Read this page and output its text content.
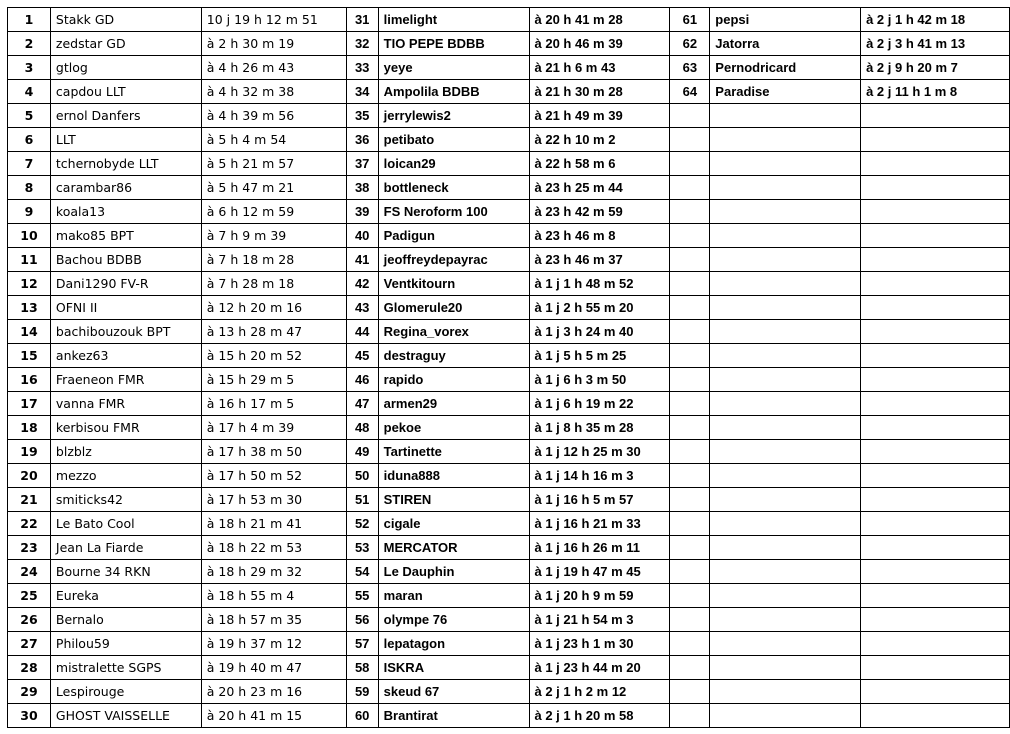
1	Stakk GD	10 j 19 h 12 m 51	31	limelight	à 20 h 41 m 28	61	pepsi	à 2 j 1 h 42 m 18
2	zedstar GD	à 2 h 30 m 19	32	TIO PEPE BDBB	à 20 h 46 m 39	62	Jatorra	à 2 j 3 h 41 m 13
3	gtlog	à 4 h 26 m 43	33	yeye	à 21 h 6 m 43	63	Pernodricard	à 2 j 9 h 20 m 7
4	capdou LLT	à 4 h 32 m 38	34	Ampolila BDBB	à 21 h 30 m 28	64	Paradise	à 2 j 11 h 1 m 8
5	ernol Danfers	à 4 h 39 m 56	35	jerrylewis2	à 21 h 49 m 39			
6	LLT	à 5 h 4 m 54	36	petibato	à 22 h 10 m 2			
7	tchernobyde LLT	à 5 h 21 m 57	37	loican29	à 22 h 58 m 6			
8	carambar86	à 5 h 47 m 21	38	bottleneck	à 23 h 25 m 44			
9	koala13	à 6 h 12 m 59	39	FS Neroform 100	à 23 h 42 m 59			
10	mako85 BPT	à 7 h 9 m 39	40	Padigun	à 23 h 46 m 8			
11	Bachou BDBB	à 7 h 18 m 28	41	jeoffreydepayrac	à 23 h 46 m 37			
12	Dani1290 FV-R	à 7 h 28 m 18	42	Ventkitourn	à 1 j 1 h 48 m 52			
13	OFNI II	à 12 h 20 m 16	43	Glomerule20	à 1 j 2 h 55 m 20			
14	bachibouzouk BPT	à 13 h 28 m 47	44	Regina_vorex	à 1 j 3 h 24 m 40			
15	ankez63	à 15 h 20 m 52	45	destraguy	à 1 j 5 h 5 m 25			
16	Fraeneon FMR	à 15 h 29 m 5	46	rapido	à 1 j 6 h 3 m 50			
17	vanna FMR	à 16 h 17 m 5	47	armen29	à 1 j 6 h 19 m 22			
18	kerbisou FMR	à 17 h 4 m 39	48	pekoe	à 1 j 8 h 35 m 28			
19	blzblz	à 17 h 38 m 50	49	Tartinette	à 1 j 12 h 25 m 30			
20	mezzo	à 17 h 50 m 52	50	iduna888	à 1 j 14 h 16 m 3			
21	smiticks42	à 17 h 53 m 30	51	STIREN	à 1 j 16 h 5 m 57			
22	Le Bato Cool	à 18 h 21 m 41	52	cigale	à 1 j 16 h 21 m 33			
23	Jean La Fiarde	à 18 h 22 m 53	53	MERCATOR	à 1 j 16 h 26 m 11			
24	Bourne 34 RKN	à 18 h 29 m 32	54	Le Dauphin	à 1 j 19 h 47 m 45			
25	Eureka	à 18 h 55 m 4	55	maran	à 1 j 20 h 9 m 59			
26	Bernalo	à 18 h 57 m 35	56	olympe 76	à 1 j 21 h 54 m 3			
27	Philou59	à 19 h 37 m 12	57	lepatagon	à 1 j 23 h 1 m 30			
28	mistralette SGPS	à 19 h 40 m 47	58	ISKRA	à 1 j 23 h 44 m 20			
29	Lespirouge	à 20 h 23 m 16	59	skeud 67	à 2 j 1 h 2 m 12			
30	GHOST VAISSELLE	à 20 h 41 m 15	60	Brantirat	à 2 j 1 h 20 m 58			
